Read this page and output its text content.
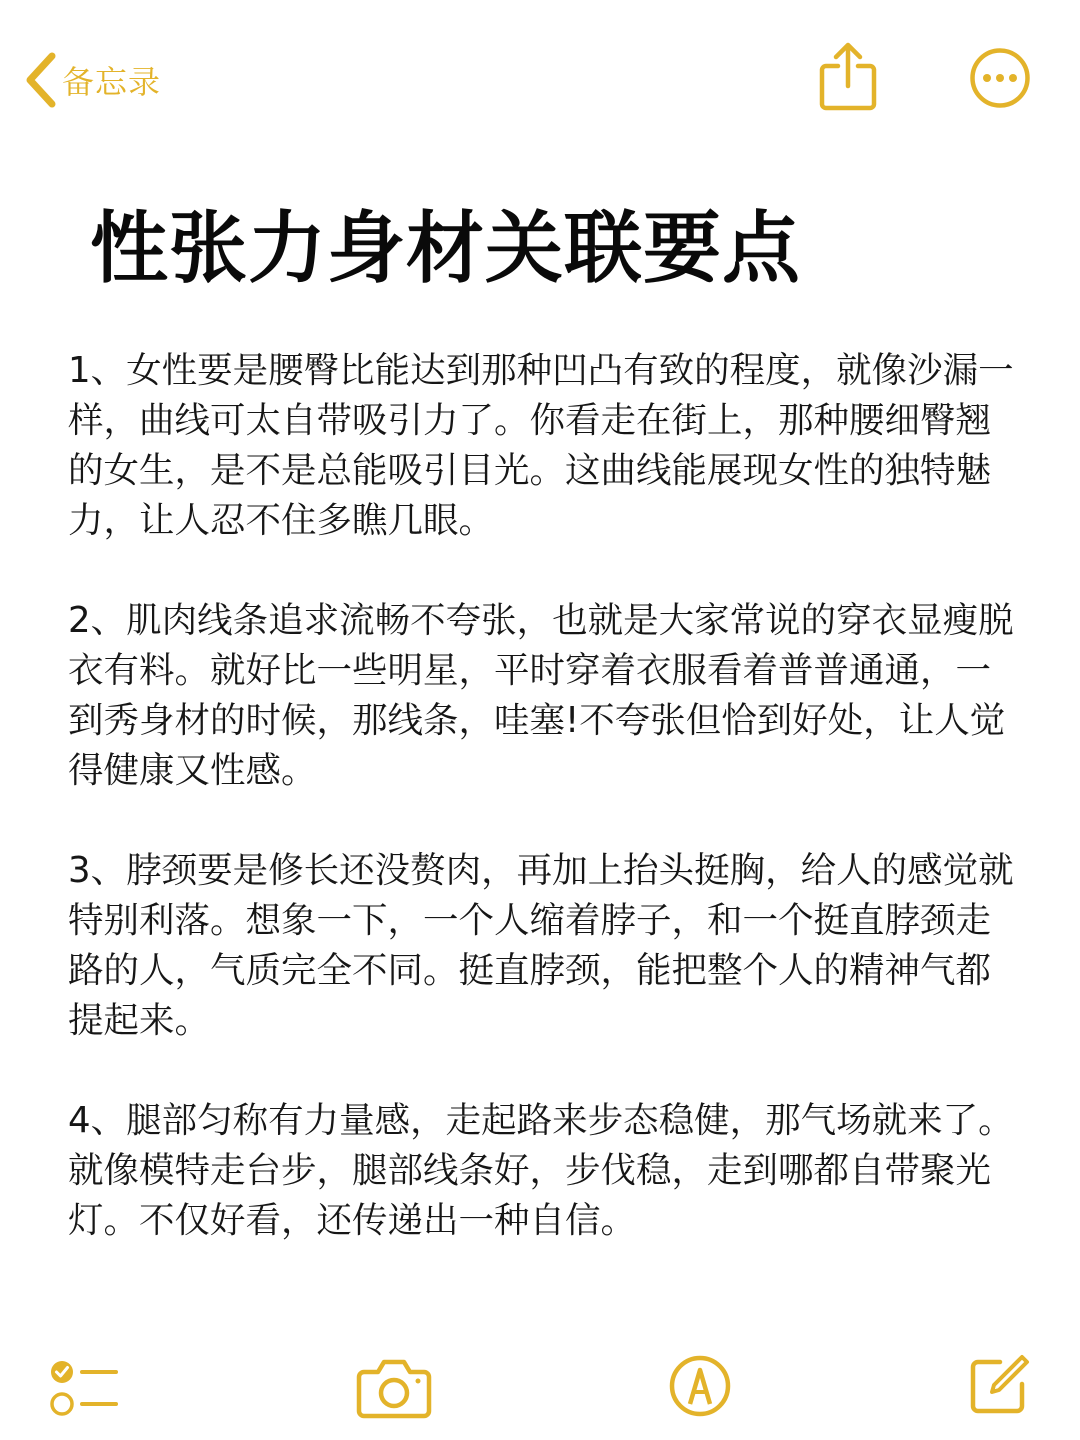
备忘录
性张力身材关联要点

1、女性要是腰臀比能达到那种凹凸有致的程度，就像沙漏一样，曲线可太自带吸引力了。你看走在街上，那种腰细臀翘的女生，是不是总能吸引目光。这曲线能展现女性的独特魅力，让人忍不住多瞧几眼。

2、肌肉线条追求流畅不夸张，也就是大家常说的穿衣显瘦脱衣有料。就好比一些明星，平时穿着衣服看着普普通通，一到秀身材的时候，那线条，哇塞!不夸张但恰到好处，让人觉得健康又性感。

3、脖颈要是修长还没赘肉，再加上抬头挺胸，给人的感觉就特别利落。想象一下，一个人缩着脖子，和一个挺直脖颈走路的人，气质完全不同。挺直脖颈，能把整个人的精神气都提起来。

4、腿部匀称有力量感，走起路来步态稳健，那气场就来了。就像模特走台步，腿部线条好，步伐稳，走到哪都自带聚光灯。不仅好看，还传递出一种自信。
